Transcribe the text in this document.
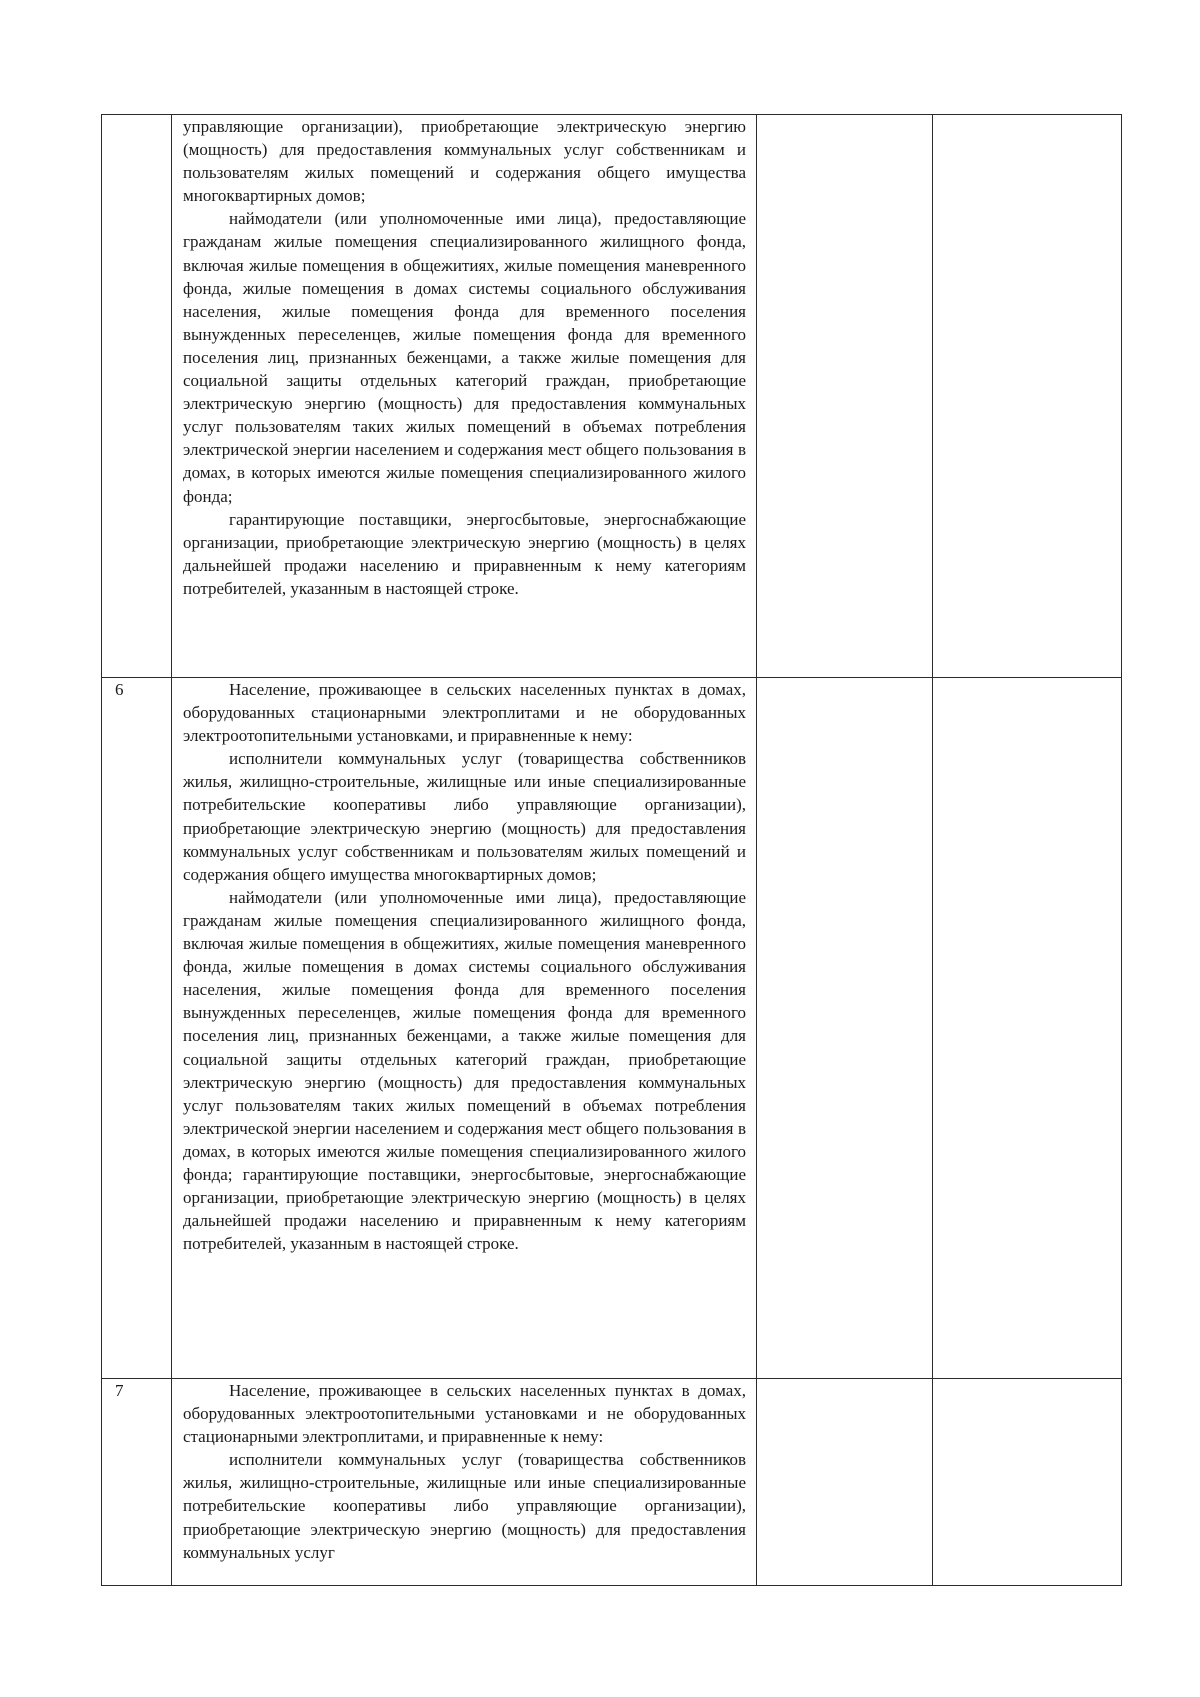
	управляющие организации), приобретающие электрическую энергию (мощность) для предоставления коммунальных услуг собственникам и пользователям жилых помещений и содержания общего имущества многоквартирных домов;

наймодатели (или уполномоченные ими лица), предоставляющие гражданам жилые помещения специализированного жилищного фонда, включая жилые помещения в общежитиях, жилые помещения маневренного фонда, жилые помещения в домах системы социального обслуживания населения, жилые помещения фонда для временного поселения вынужденных переселенцев, жилые помещения фонда для временного поселения лиц, признанных беженцами, а также жилые помещения для социальной защиты отдельных категорий граждан, приобретающие электрическую энергию (мощность) для предоставления коммунальных услуг пользователям таких жилых помещений в объемах потребления электрической энергии населением и содержания мест общего пользования в домах, в которых имеются жилые помещения специализированного жилого фонда;

гарантирующие поставщики, энергосбытовые, энергоснабжающие организации, приобретающие электрическую энергию (мощность) в целях дальнейшей продажи населению и приравненным к нему категориям потребителей, указанным в настоящей строке.		

6	Население, проживающее в сельских населенных пунктах в домах, оборудованных стационарными электроплитами и не оборудованных электроотопительными установками, и приравненные к нему:

исполнители коммунальных услуг (товарищества собственников жилья, жилищно-строительные, жилищные или иные специализированные потребительские кооперативы либо управляющие организации), приобретающие электрическую энергию (мощность) для предоставления коммунальных услуг собственникам и пользователям жилых помещений и содержания общего имущества многоквартирных домов;

наймодатели (или уполномоченные ими лица), предоставляющие гражданам жилые помещения специализированного жилищного фонда, включая жилые помещения в общежитиях, жилые помещения маневренного фонда, жилые помещения в домах системы социального обслуживания населения, жилые помещения фонда для временного поселения вынужденных переселенцев, жилые помещения фонда для временного поселения лиц, признанных беженцами, а также жилые помещения для социальной защиты отдельных категорий граждан, приобретающие электрическую энергию (мощность) для предоставления коммунальных услуг пользователям таких жилых помещений в объемах потребления электрической энергии населением и содержания мест общего пользования в домах, в которых имеются жилые помещения специализированного жилого фонда; гарантирующие поставщики, энергосбытовые, энергоснабжающие организации, приобретающие электрическую энергию (мощность) в целях дальнейшей продажи населению и приравненным к нему категориям потребителей, указанным в настоящей строке.		

7	Население, проживающее в сельских населенных пунктах в домах, оборудованных электроотопительными установками и не оборудованных стационарными электроплитами, и приравненные к нему:

исполнители коммунальных услуг (товарищества собственников жилья, жилищно-строительные, жилищные или иные специализированные потребительские кооперативы либо управляющие организации), приобретающие электрическую энергию (мощность) для предоставления коммунальных услуг		
